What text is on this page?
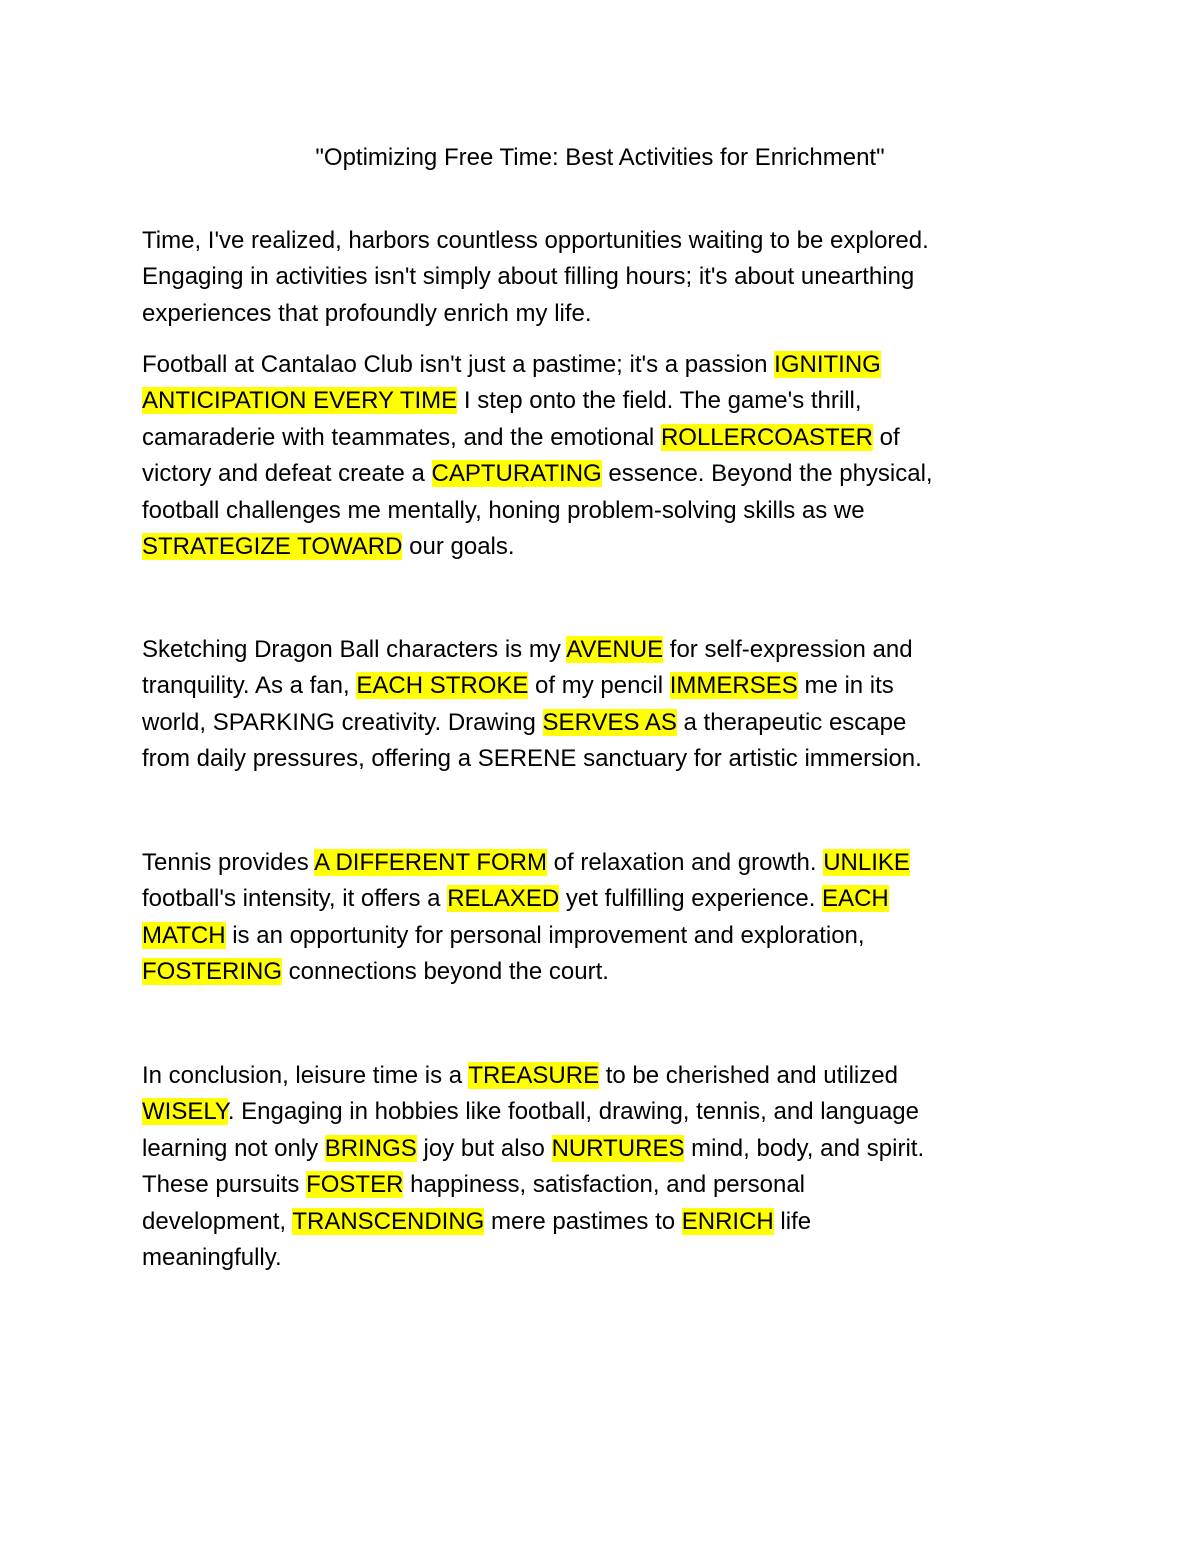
"Optimizing Free Time: Best Activities for Enrichment"
Time, I've realized, harbors countless opportunities waiting to be explored.
Engaging in activities isn't simply about filling hours; it's about unearthing
experiences that profoundly enrich my life.
Football at Cantalao Club isn't just a pastime; it's a passion IGNITING
ANTICIPATION EVERY TIME I step onto the field. The game's thrill,
camaraderie with teammates, and the emotional ROLLERCOASTER of
victory and defeat create a CAPTURATING essence. Beyond the physical,
football challenges me mentally, honing problem-solving skills as we
STRATEGIZE TOWARD our goals.
Sketching Dragon Ball characters is my AVENUE for self-expression and
tranquility. As a fan, EACH STROKE of my pencil IMMERSES me in its
world, SPARKING creativity. Drawing SERVES AS a therapeutic escape
from daily pressures, offering a SERENE sanctuary for artistic immersion.
Tennis provides A DIFFERENT FORM of relaxation and growth. UNLIKE
football's intensity, it offers a RELAXED yet fulfilling experience. EACH
MATCH is an opportunity for personal improvement and exploration,
FOSTERING connections beyond the court.
In conclusion, leisure time is a TREASURE to be cherished and utilized
WISELY. Engaging in hobbies like football, drawing, tennis, and language
learning not only BRINGS joy but also NURTURES mind, body, and spirit.
These pursuits FOSTER happiness, satisfaction, and personal
development, TRANSCENDING mere pastimes to ENRICH life
meaningfully.
